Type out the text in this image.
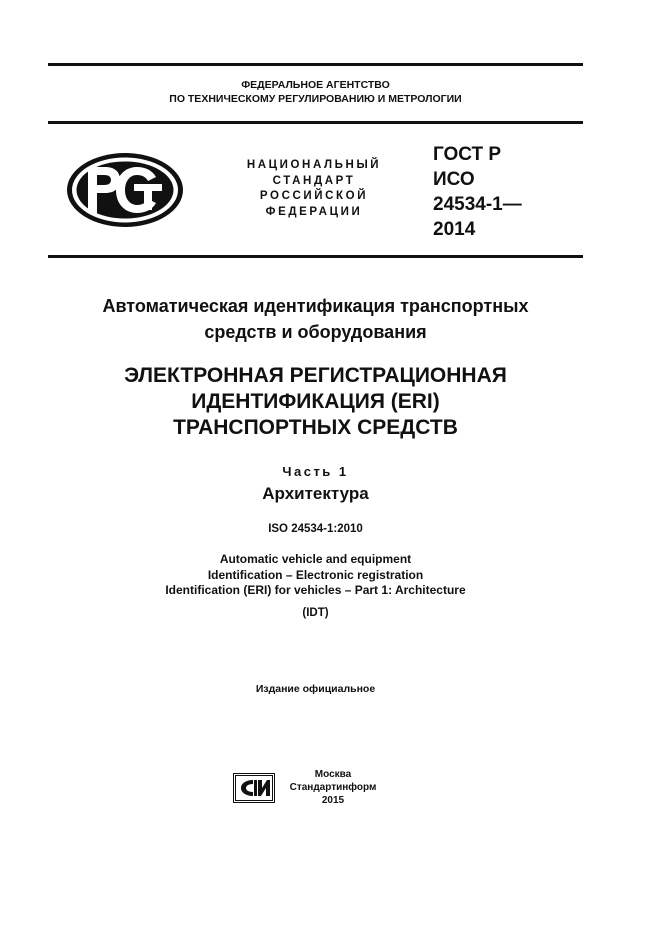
ФЕДЕРАЛЬНОЕ АГЕНТСТВО
ПО ТЕХНИЧЕСКОМУ РЕГУЛИРОВАНИЮ И МЕТРОЛОГИИ
НАЦИОНАЛЬНЫЙ
СТАНДАРТ
РОССИЙСКОЙ
ФЕДЕРАЦИИ
ГОСТ Р
ИСО
24534-1—
2014
Автоматическая идентификация транспортных
средств и оборудования
ЭЛЕКТРОННАЯ РЕГИСТРАЦИОННАЯ
ИДЕНТИФИКАЦИЯ (ERI)
ТРАНСПОРТНЫХ СРЕДСТВ
Часть 1
Архитектура
ISO 24534-1:2010
Automatic vehicle and equipment
Identification – Electronic registration
Identification (ERI) for vehicles – Part 1: Architecture
(IDT)
Издание официальное
Москва
Стандартинформ
2015
